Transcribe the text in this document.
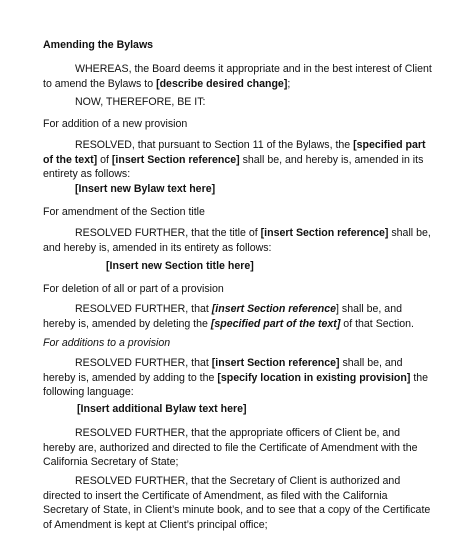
Amending the Bylaws

WHEREAS, the Board deems it appropriate and in the best interest of Client to amend the Bylaws to [describe desired change];

NOW, THEREFORE, BE IT:

For addition of a new provision

RESOLVED, that pursuant to Section 11 of the Bylaws, the [specified part of the text] of [insert Section reference] shall be, and hereby is, amended in its entirety as follows:

[Insert new Bylaw text here]

For amendment of the Section title

RESOLVED FURTHER, that the title of [insert Section reference] shall be, and hereby is, amended in its entirety as follows:

[Insert new Section title here]

For deletion of all or part of a provision

RESOLVED FURTHER, that [insert Section reference] shall be, and hereby is, amended by deleting the [specified part of the text] of that Section.

For additions to a provision

RESOLVED FURTHER, that [insert Section reference] shall be, and hereby is, amended by adding to the [specify location in existing provision] the following language:

[Insert additional Bylaw text here]

RESOLVED FURTHER, that the appropriate officers of Client be, and hereby are, authorized and directed to file the Certificate of Amendment with the California Secretary of State;

RESOLVED FURTHER, that the Secretary of Client is authorized and directed to insert the Certificate of Amendment, as filed with the California Secretary of State, in Client’s minute book, and to see that a copy of the Certificate of Amendment is kept at Client’s principal office;
